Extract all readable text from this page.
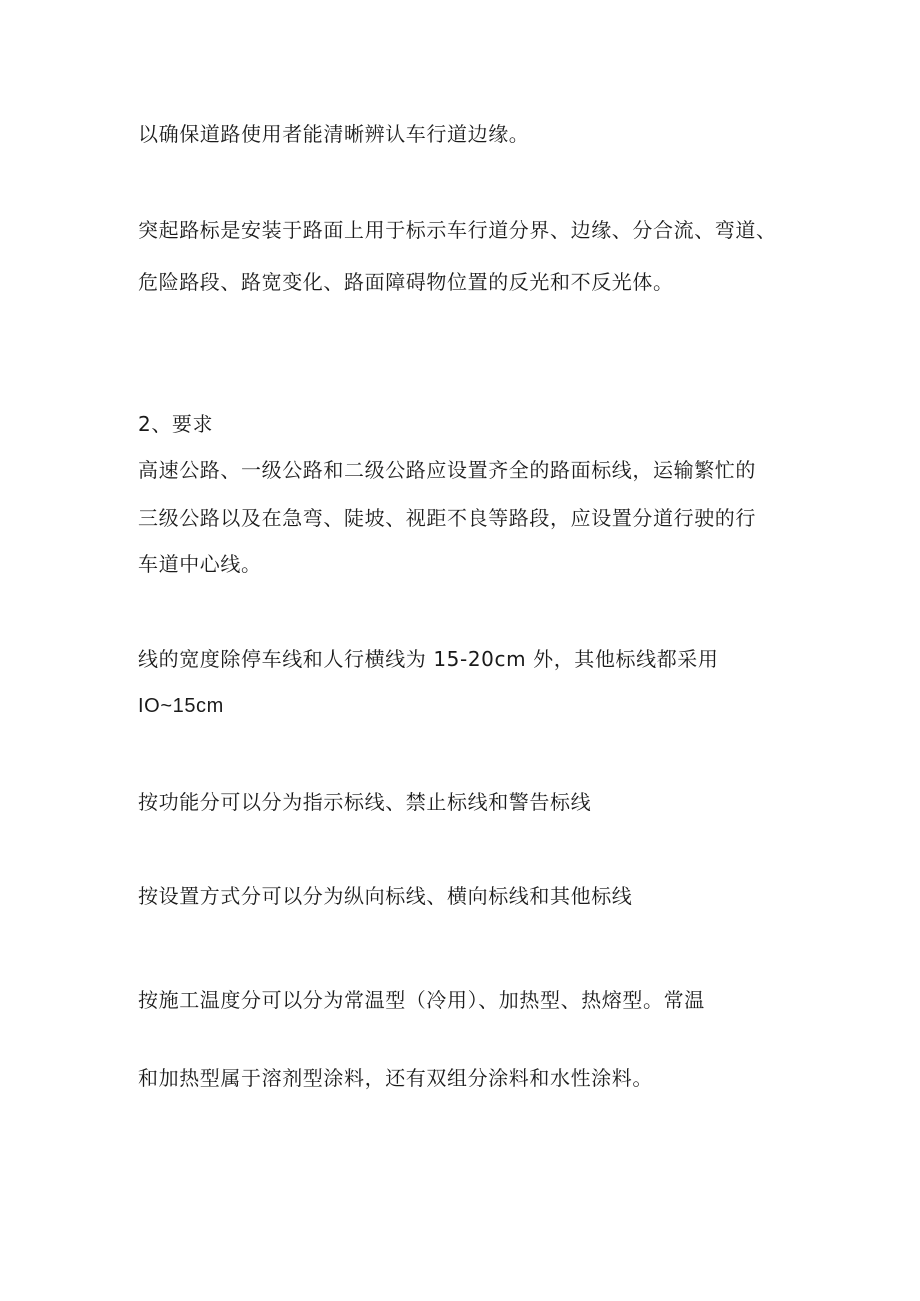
以确保道路使用者能清晰辨认车行道边缘。
突起路标是安装于路面上用于标示车行道分界、边缘、分合流、弯道、
危险路段、路宽变化、路面障碍物位置的反光和不反光体。
2、要求
高速公路、一级公路和二级公路应设置齐全的路面标线，运输繁忙的
三级公路以及在急弯、陡坡、视距不良等路段，应设置分道行驶的行
车道中心线。
线的宽度除停车线和人行横线为 15-20cm 外，其他标线都采用
IO~15cm
按功能分可以分为指示标线、禁止标线和警告标线
按设置方式分可以分为纵向标线、横向标线和其他标线
按施工温度分可以分为常温型（冷用）、加热型、热熔型。常温
和加热型属于溶剂型涂料，还有双组分涂料和水性涂料。
